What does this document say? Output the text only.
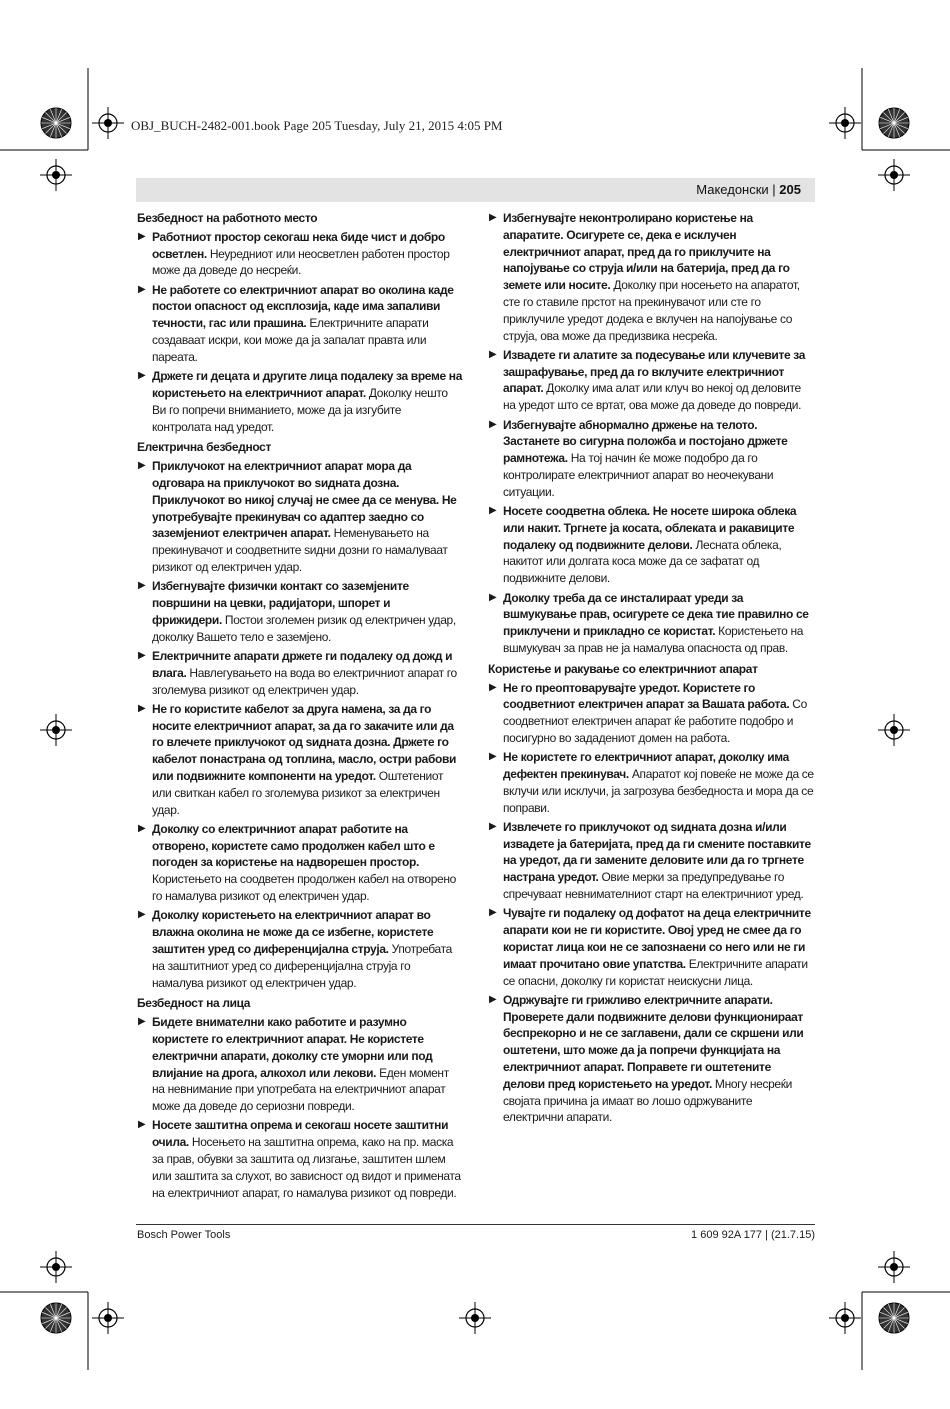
OBJ_BUCH-2482-001.book Page 205 Tuesday, July 21, 2015 4:05 PM
Македонски | 205
Безбедност на работното место
▶ Работниот простор секогаш нека биде чист и добро осветлен. Неуредниот или неосветлен работен простор може да доведе до несреќи.
▶ Не работете со електричниот апарат во околина каде постои опасност од експлозија, каде има запаливи течности, гас или прашина. Електричните апарати создаваат искри, кои може да ја запалат правта или пареата.
▶ Држете ги децата и другите лица подалеку за време на користењето на електричниот апарат. Доколку нешто Ви го попречи вниманието, може да ја изгубите контролата над уредот.
Електрична безбедност
▶ Приклучокот на електричниот апарат мора да одговара на приклучокот во ѕидната дозна. Приклучокот во никој случај не смее да се менува. Не употребувајте прекинувач со адаптер заедно со заземјениот електричен апарат. Неменувањето на прекинувачот и соодветните ѕидни дозни го намалуваат ризикот од електричен удар.
▶ Избегнувајте физички контакт со заземјените површини на цевки, радијатори, шпорет и фрижидери. Постои зголемен ризик од електричен удар, доколку Вашето тело е заземјено.
▶ Електричните апарати држете ги подалеку од дожд и влага. Навлегувањето на вода во електричниот апарат го зголемува ризикот од електричен удар.
▶ Не го користите кабелот за друга намена, за да го носите електричниот апарат, за да го закачите или да го влечете приклучокот од ѕидната дозна. Држете го кабелот понастрана од топлина, масло, остри рабови или подвижните компоненти на уредот. Оштетениот или свиткан кабел го зголемува ризикот за електричен удар.
▶ Доколку со електричниот апарат работите на отворено, користете само продолжен кабел што е погоден за користење на надворешен простор. Користењето на соодветен продолжен кабел на отворено го намалува ризикот од електричен удар.
▶ Доколку користењето на електричниот апарат во влажна околина не може да се избегне, користете заштитен уред со диференцијална струја. Употребата на заштитниот уред со диференцијална струја го намалува ризикот од електричен удар.
Безбедност на лица
▶ Бидете внимателни како работите и разумно користете го електричниот апарат. Не користете електрични апарати, доколку сте уморни или под влијание на дрога, алкохол или лекови. Еден момент на невнимание при употребата на електричниот апарат може да доведе до сериозни повреди.
▶ Носете заштитна опрема и секогаш носете заштитни очила. Носењето на заштитна опрема, како на пр. маска за прав, обувки за заштита од лизгање, заштитен шлем или заштита за слухот, во зависност од видот и примената на електричниот апарат, го намалува ризикот од повреди.
▶ Избегнувајте неконтролирано користење на апаратите. Осигурете се, дека е исклучен електричниот апарат, пред да го приклучите на напојување со струја и/или на батерија, пред да го земете или носите. Доколку при носењето на апаратот, сте го ставиле прстот на прекинувачот или сте го приклучиле уредот додека е вклучен на напојување со струја, ова може да предизвика несреќа.
▶ Извадете ги алатите за подесување или клучевите за зашрафување, пред да го вклучите електричниот апарат. Доколку има алат или клуч во некој од деловите на уредот што се вртат, ова може да доведе до повреди.
▶ Избегнувајте абнормално држење на телото. Застанете во сигурна положба и постојано држете рамнотежа. На тој начин ќе може подобро да го контролирате електричниот апарат во неочекувани ситуации.
▶ Носете соодветна облека. Не носете широка облека или накит. Тргнете ја косата, облеката и ракавиците подалеку од подвижните делови. Лесната облека, накитот или долгата коса може да се зафатат од подвижните делови.
▶ Доколку треба да се инсталираат уреди за вшмукување прав, осигурете се дека тие правилно се приклучени и прикладно се користат. Користењето на вшмукувач за прав не ја намалува опасноста од прав.
Користење и ракување со електричниот апарат
▶ Не го преоптоварувајте уредот. Користете го соодветниот електричен апарат за Вашата работа. Со соодветниот електричен апарат ќе работите подобро и посигурно во зададениот домен на работа.
▶ Не користете го електричниот апарат, доколку има дефектен прекинувач. Апаратот кој повеќе не може да се вклучи или исклучи, ја загрозува безбедноста и мора да се поправи.
▶ Извлечете го приклучокот од ѕидната дозна и/или извадете ја батеријата, пред да ги смените поставките на уредот, да ги замените деловите или да го тргнете настрана уредот. Овие мерки за предупредување го спречуваат невнимателниот старт на електричниот уред.
▶ Чувајте ги подалеку од дофатот на деца електричните апарати кои не ги користите. Овој уред не смее да го користат лица кои не се запознаени со него или не ги имаат прочитано овие упатства. Електричните апарати се опасни, доколку ги користат неискусни лица.
▶ Одржувајте ги грижливо електричните апарати. Проверете дали подвижните делови функционираат беспрекорно и не се заглавени, дали се скршени или оштетени, што може да ја попречи функцијата на електричниот апарат. Поправете ги оштетените делови пред користењето на уредот. Многу несреќи својата причина ја имаат во лошо одржуваните електрични апарати.
Bosch Power Tools	1 609 92A 177 | (21.7.15)
